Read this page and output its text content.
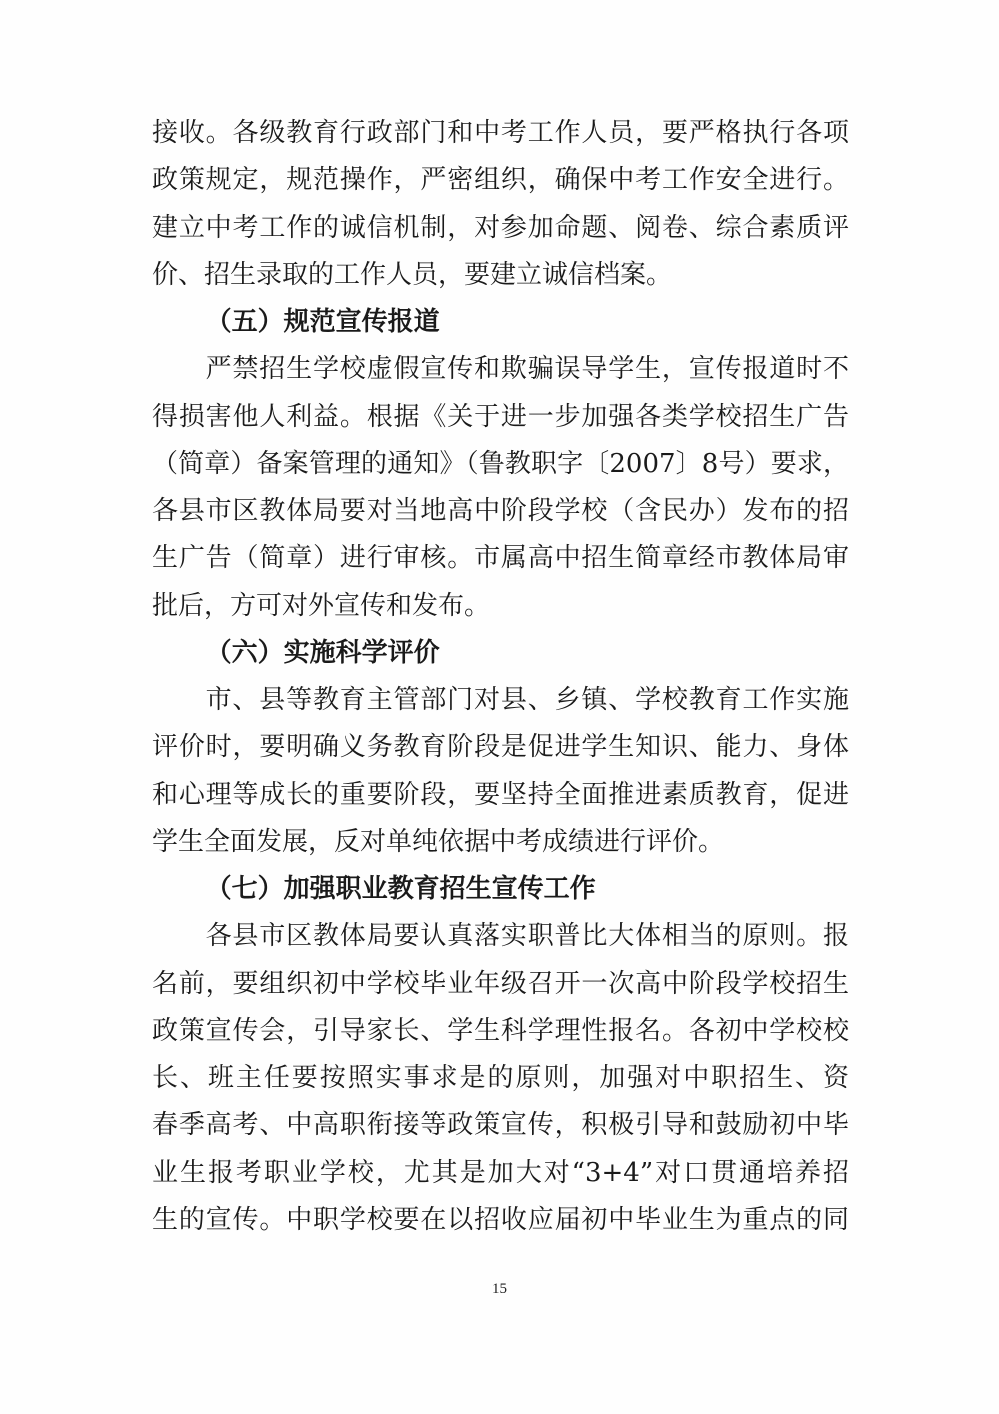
接收。各级教育行政部门和中考工作人员，要严格执行各项
政策规定，规范操作，严密组织，确保中考工作安全进行。
建立中考工作的诚信机制，对参加命题、阅卷、综合素质评
价、招生录取的工作人员，要建立诚信档案。
（五）规范宣传报道
严禁招生学校虚假宣传和欺骗误导学生，宣传报道时不
得损害他人利益。根据《关于进一步加强各类学校招生广告
（简章）备案管理的通知》（鲁教职字〔2007〕8号）要求，
各县市区教体局要对当地高中阶段学校（含民办）发布的招
生广告（简章）进行审核。市属高中招生简章经市教体局审
批后，方可对外宣传和发布。
（六）实施科学评价
市、县等教育主管部门对县、乡镇、学校教育工作实施
评价时，要明确义务教育阶段是促进学生知识、能力、身体
和心理等成长的重要阶段，要坚持全面推进素质教育，促进
学生全面发展，反对单纯依据中考成绩进行评价。
（七）加强职业教育招生宣传工作
各县市区教体局要认真落实职普比大体相当的原则。报
名前，要组织初中学校毕业年级召开一次高中阶段学校招生
政策宣传会，引导家长、学生科学理性报名。各初中学校校
长、班主任要按照实事求是的原则，加强对中职招生、资
春季高考、中高职衔接等政策宣传，积极引导和鼓励初中毕
业生报考职业学校，尤其是加大对“3+4”对口贯通培养招
生的宣传。中职学校要在以招收应届初中毕业生为重点的同
15
